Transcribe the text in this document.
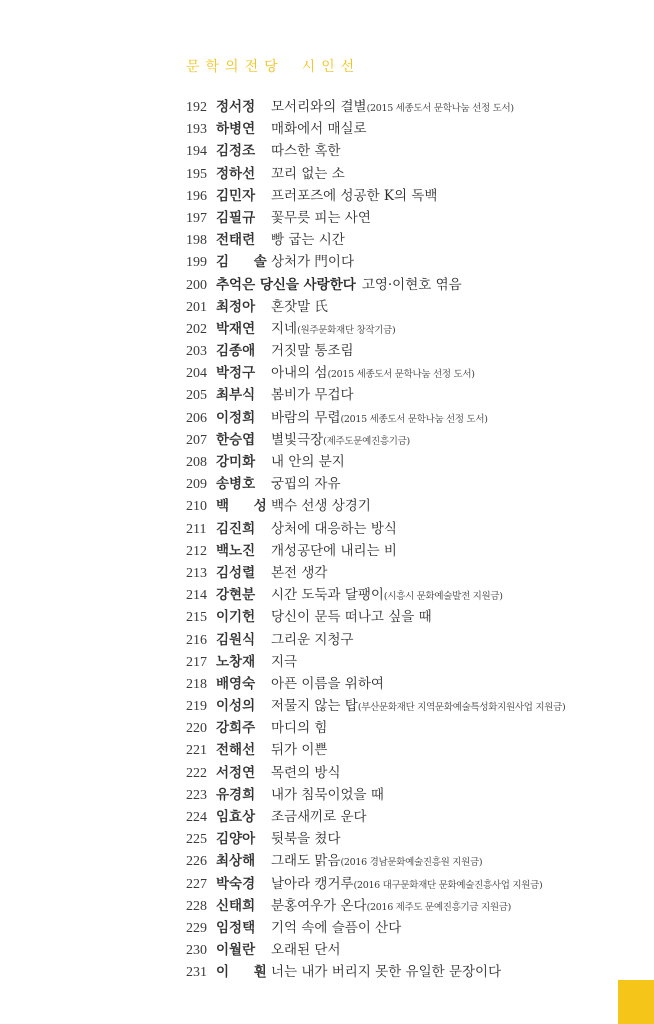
문학의전당 시인선
192 정서정 모서리와의 결별(2015 세종도서 문학나눔 선정 도서)
193 하병연 매화에서 매실로
194 김정조 따스한 혹한
195 정하선 꼬리 없는 소
196 김민자 프러포즈에 성공한 K의 독백
197 김필규 꽃무릇 피는 사연
198 전태련 빵 굽는 시간
199 김 솔상처가 門이다
200 추억은 당신을 사랑한다 고영·이현호 엮음
201 최정아 혼잣말 氏
202 박재연 지네(원주문화재단 창작기금)
203 김종애 거짓말 통조림
204 박정구 아내의 섬(2015 세종도서 문학나눔 선정 도서)
205 최부식 봄비가 무겁다
206 이정희 바람의 무렵(2015 세종도서 문학나눔 선정 도서)
207 한승엽 별빛극장(제주도문예진흥기금)
208 강미화 내 안의 분지
209 송병호 궁핍의 자유
210 백 성백수 선생 상경기
211 김진희 상처에 대응하는 방식
212 백노진 개성공단에 내리는 비
213 김성렬 본전 생각
214 강현분 시간 도둑과 달팽이(시흥시 문화예술발전 지원금)
215 이기헌 당신이 문득 떠나고 싶을 때
216 김원식 그리운 지청구
217 노창재 지극
218 배영숙 아픈 이름을 위하여
219 이성의 저물지 않는 탑(부산문화재단 지역문화예술특성화지원사업 지원금)
220 강희주 마디의 힘
221 전해선 뒤가 이쁜
222 서정연 목련의 방식
223 유경희 내가 침묵이었을 때
224 임효상 조금새끼로 운다
225 김양아 뒷북을 쳤다
226 최상해 그래도 맑음(2016 경남문화예술진흥원 지원금)
227 박숙경 날아라 캥거루(2016 대구문화재단 문화예술진흥사업 지원금)
228 신태희 분홍여우가 온다(2016 제주도 문예진흥기금 지원금)
229 임정택 기억 속에 슬픔이 산다
230 이월란 오래된 단서
231 이 훤너는 내가 버리지 못한 유일한 문장이다
